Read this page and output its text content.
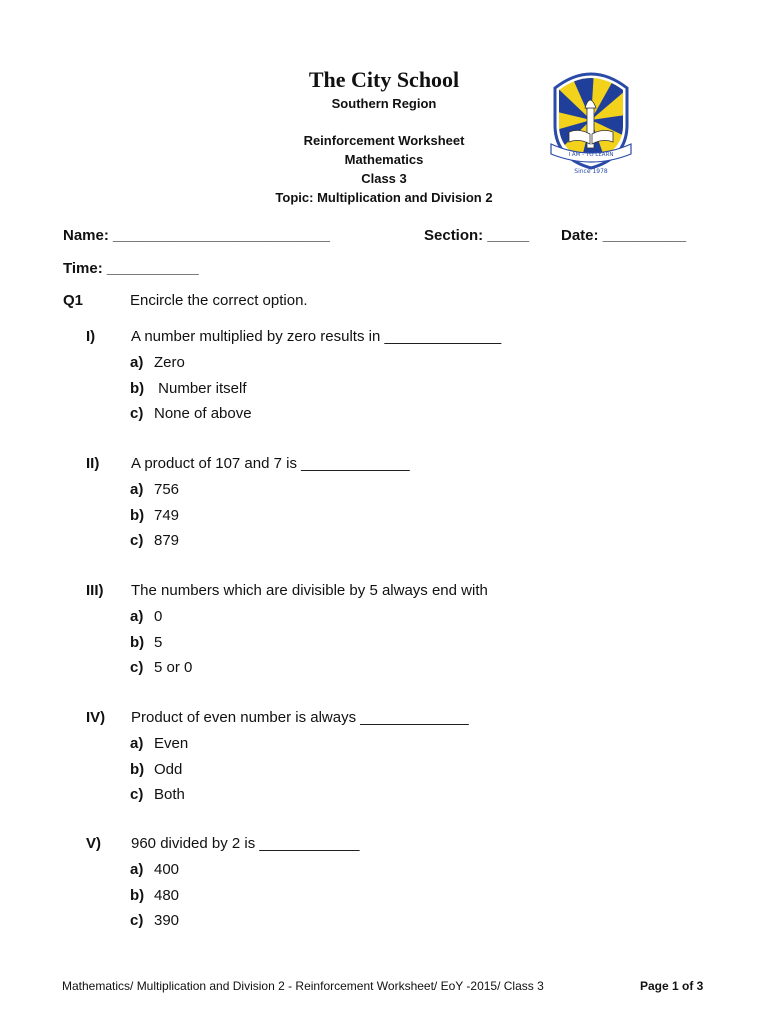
The City School
Southern Region
Reinforcement Worksheet
Mathematics
Class 3
Topic: Multiplication and Division 2
I AM - TO LEARN
Since 1978
Name: __________________________	Section: _____ Date: __________
Time: ___________
Q1	Encircle the correct option.
I) A number multiplied by zero results in ______________
a) Zero
b) Number itself
c) None of above
II) A product of 107 and 7 is _____________
a) 756
b) 749
c) 879
III) The numbers which are divisible by 5 always end with
a) 0
b) 5
c) 5 or 0
IV) Product of even number is always _____________
a) Even
b) Odd
c) Both
V) 960 divided by 2 is ____________
a) 400
b) 480
c) 390
Mathematics/ Multiplication and Division 2 - Reinforcement Worksheet/ EoY -2015/ Class 3	Page 1 of 3
